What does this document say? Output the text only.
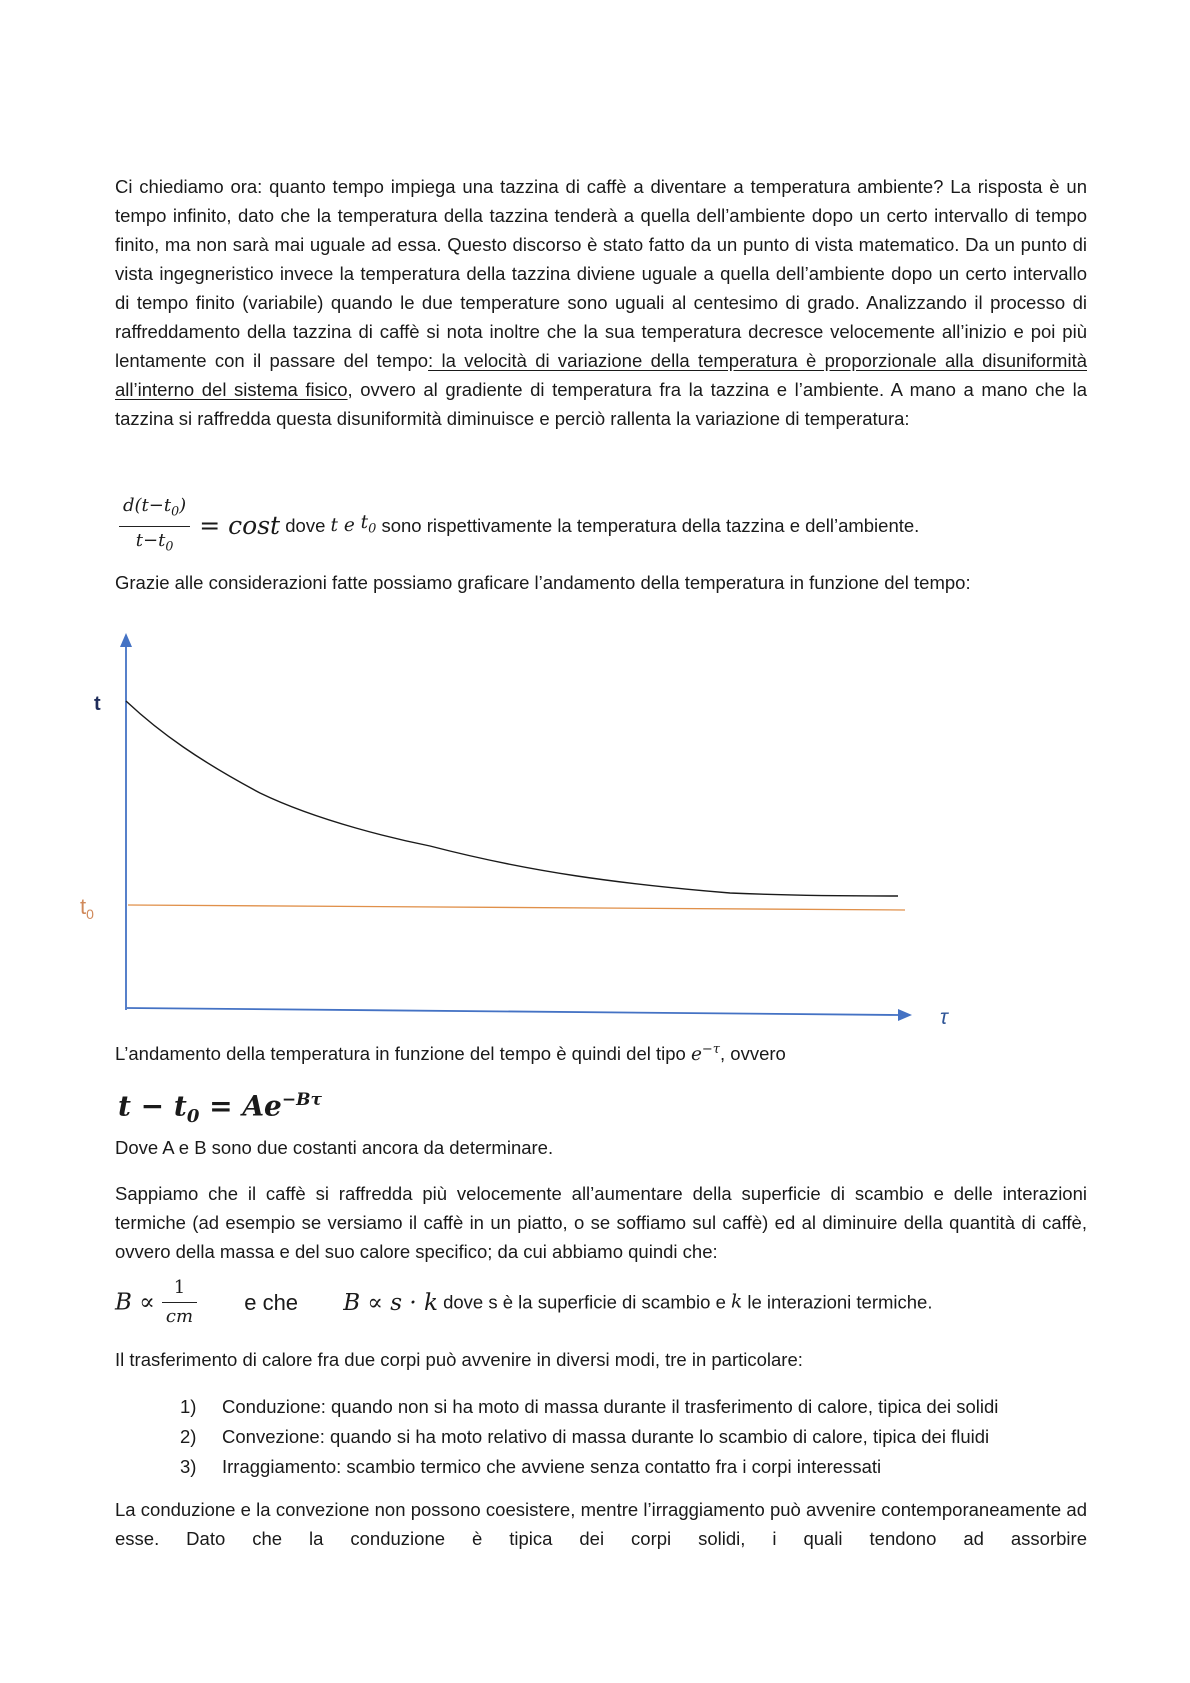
Ci chiediamo ora: quanto tempo impiega una tazzina di caffè a diventare a temperatura ambiente? La risposta è un tempo infinito, dato che la temperatura della tazzina tenderà a quella dell’ambiente dopo un certo intervallo di tempo finito, ma non sarà mai uguale ad essa. Questo discorso è stato fatto da un punto di vista matematico. Da un punto di vista ingegneristico invece la temperatura della tazzina diviene uguale a quella dell’ambiente dopo un certo intervallo di tempo finito (variabile) quando le due temperature sono uguali al centesimo di grado. Analizzando il processo di raffreddamento della tazzina di caffè si nota inoltre che la sua temperatura decresce velocemente all’inizio e poi più lentamente con il passare del tempo: la velocità di variazione della temperatura è proporzionale alla disuniformità all’interno del sistema fisico, ovvero al gradiente di temperatura fra la tazzina e l’ambiente. A mano a mano che la tazzina si raffredda questa disuniformità diminuisce e perciò rallenta la variazione di temperatura:

$\frac{d(t-t_0)}{t-t_0} = \cos t$ dove t e $t_0$ sono rispettivamente la temperatura della tazzina e dell’ambiente.

Grazie alle considerazioni fatte possiamo graficare l’andamento della temperatura in funzione del tempo:

t
$t_0$
τ

L’andamento della temperatura in funzione del tempo è quindi del tipo $e^{-\tau}$, ovvero

$t - t_0 = Ae^{-B\tau}$

Dove A e B sono due costanti ancora da determinare.

Sappiamo che il caffè si raffredda più velocemente all’aumentare della superficie di scambio e delle interazioni termiche (ad esempio se versiamo il caffè in un piatto, o se soffiamo sul caffè) ed al diminuire della quantità di caffè, ovvero della massa e del suo calore specifico; da cui abbiamo quindi che:

$B \propto \frac{1}{cm}$ e che B ∝ s · k dove s è la superficie di scambio e k le interazioni termiche.

Il trasferimento di calore fra due corpi può avvenire in diversi modi, tre in particolare:

1)	Conduzione: quando non si ha moto di massa durante il trasferimento di calore, tipica dei solidi
2)	Convezione: quando si ha moto relativo di massa durante lo scambio di calore, tipica dei fluidi
3)	Irraggiamento: scambio termico che avviene senza contatto fra i corpi interessati

La conduzione e la convezione non possono coesistere, mentre l’irraggiamento può avvenire contemporaneamente ad esse. Dato che la conduzione è tipica dei corpi solidi, i quali tendono ad assorbire
